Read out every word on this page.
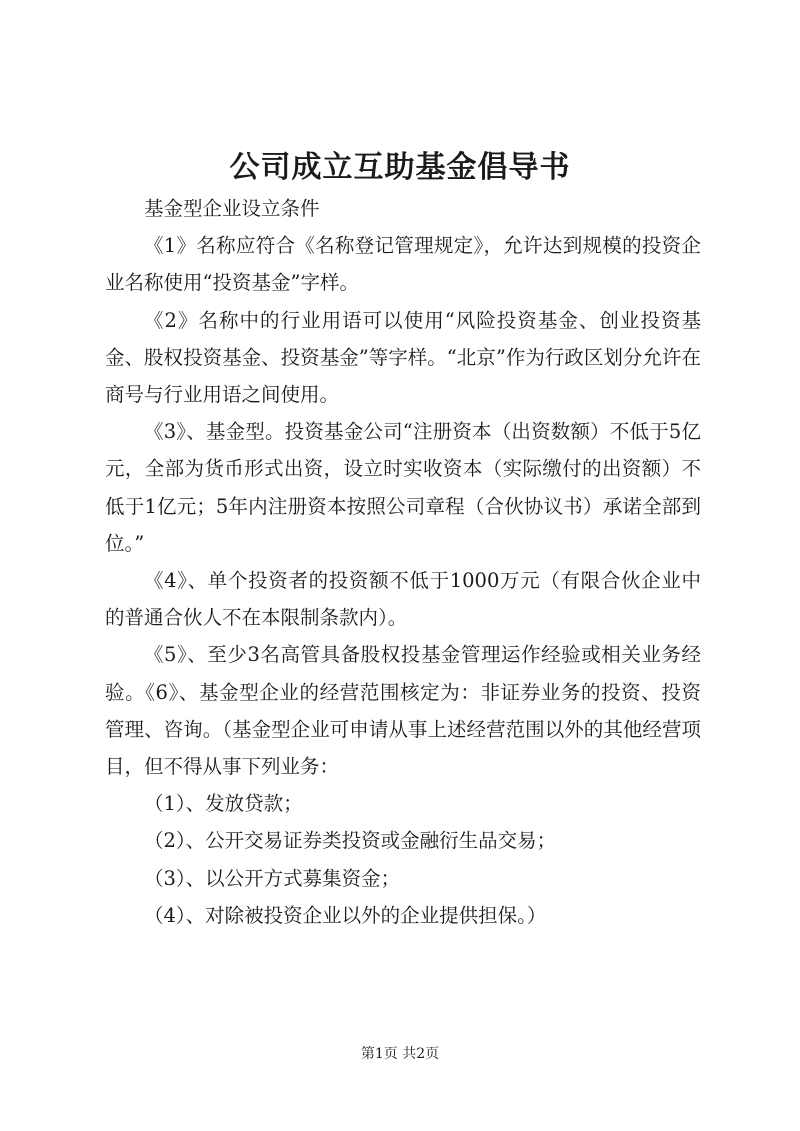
公司成立互助基金倡导书

基金型企业设立条件

《1》名称应符合《名称登记管理规定》，允许达到规模的投资企业名称使用“投资基金”字样。

《2》名称中的行业用语可以使用“风险投资基金、创业投资基金、股权投资基金、投资基金”等字样。“北京”作为行政区划分允许在商号与行业用语之间使用。

《3》、基金型。投资基金公司“注册资本（出资数额）不低于5亿元，全部为货币形式出资，设立时实收资本（实际缴付的出资额）不低于1亿元；5年内注册资本按照公司章程（合伙协议书）承诺全部到位。”

《4》、单个投资者的投资额不低于1000万元（有限合伙企业中的普通合伙人不在本限制条款内）。

《5》、至少3名高管具备股权投基金管理运作经验或相关业务经验。《6》、基金型企业的经营范围核定为：非证券业务的投资、投资管理、咨询。（基金型企业可申请从事上述经营范围以外的其他经营项目，但不得从事下列业务：

（1）、发放贷款；

（2）、公开交易证券类投资或金融衍生品交易；

（3）、以公开方式募集资金；

（4）、对除被投资企业以外的企业提供担保。）

第1页 共2页
